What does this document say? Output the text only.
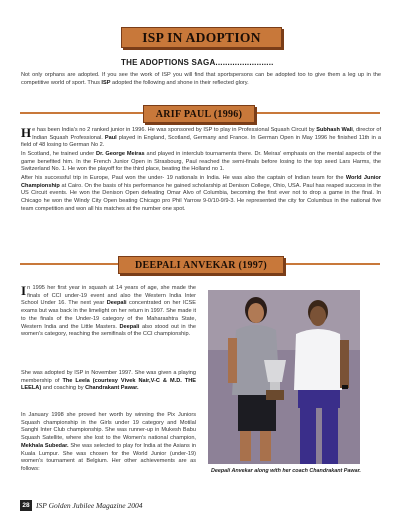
ISP IN ADOPTION
THE ADOPTIONS SAGA........................

Not only orphans are adopted. If you see the work of ISP you will find that sportspersons can be adopted too to give them a leg up in the competitive world of sport. Thus ISP adopted the following and shone in their reflected glory.

ARIF PAUL (1996)

He has been India's no 2 ranked junior in 1996. He was sponsored by ISP to play in Professional Squash Circuit by Subhash Wali, director of Indian Squash Professional. Paul played in England, Scotland, Germany and France. In German Open in May 1996 he finished 11th in a field of 48 losing to German No 2.

In Scotland, he trained under Dr. George Meiras and played in interclub tournaments there. Dr. Meiras' emphasis on the mental aspects of the game benefited him. In the French Junior Open in Strasbourg, Paul reached the semi-finals before losing to the top seed Lars Harms, the Switzerland No. 1. He won the playoff for the third place, beating the Holland no 1.

After his successful trip in Europe, Paul won the under- 19 nationals in India. He was also the captain of Indian team for the World Junior Championship at Cairo. On the basis of his performance he gained scholarship at Denison College, Ohio, USA. Paul has reaped success in the US Circuit events. He won the Denison Open defeating Omar Alvo of Columbia, becoming the first ever not to drop a game in the final. In Chicago he won the Windy City Open beating Chicago pro Phil Yarrow 9-0/10-9/9-3. He represented the city for Columbus in the national five team competition and won all his matches at the number one spot.

DEEPALI ANVEKAR (1997)

In 1995 her first year in squash at 14 years of age, she made the finals of CCI under-19 event and also the Western India Inter School Under 16. The next year Deepali concentrated on her ICSE exams but was back in the limelight on her return in 1997. She made it to the finals of the Under-19 category of the Maharashtra State, Western India and the Little Masters. Deepali also stood out in the women's category, reaching the semifinals of the CCI championship.

She was adopted by ISP in November 1997. She was given a playing membership of The Leela (courtesy Vivek Nair,V-C & M.D. THE LEELA) and coaching by Chandrakant Pawar.

In January 1998 she proved her worth by winning the Pix Juniors Squash championship in the Girls under 19 category and Motilal Sanghi Inter Club championship. She was runner-up in Mukesh Babu Squash Satellite, where she lost to the Women's national champion, Mekhala Subedar. She was selected to play for India at the Asians in Kuala Lumpur. She was chosen for the World Junior (under-19) women's tournament at Belgium. Her other achievements are as follows:	Deepali Anvekar along with her coach Chandrakant Pawar.
28 ISP Golden Jubilee Magazine 2004
